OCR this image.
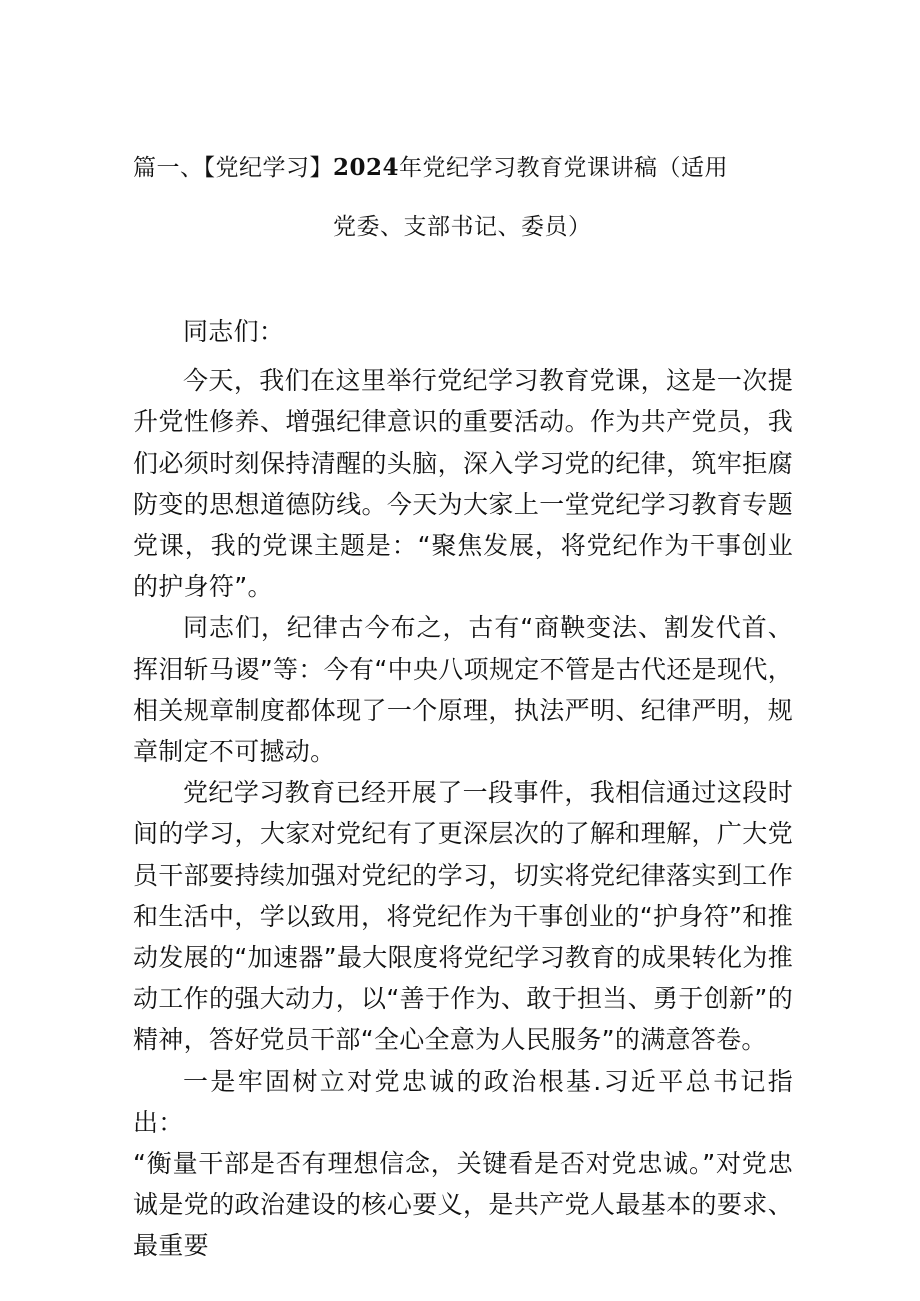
篇一、【党纪学习】2024年党纪学习教育党课讲稿（适用
党委、支部书记、委员）

同志们：

今天，我们在这里举行党纪学习教育党课，这是一次提升党性修养、增强纪律意识的重要活动。作为共产党员，我们必须时刻保持清醒的头脑，深入学习党的纪律，筑牢拒腐防变的思想道德防线。今天为大家上一堂党纪学习教育专题党课，我的党课主题是：“聚焦发展，将党纪作为干事创业的护身符”。

同志们，纪律古今布之，古有“商鞅变法、割发代首、挥泪斩马谡”等：今有“中央八项规定不管是古代还是现代，相关规章制度都体现了一个原理，执法严明、纪律严明，规章制定不可撼动。

党纪学习教育已经开展了一段事件，我相信通过这段时间的学习，大家对党纪有了更深层次的了解和理解，广大党员干部要持续加强对党纪的学习，切实将党纪律落实到工作和生活中，学以致用，将党纪作为干事创业的“护身符”和推动发展的“加速器”最大限度将党纪学习教育的成果转化为推动工作的强大动力，以“善于作为、敢于担当、勇于创新”的精神，答好党员干部“全心全意为人民服务”的满意答卷。

一是牢固树立对党忠诚的政治根基.习近平总书记指出：

“衡量干部是否有理想信念，关键看是否对党忠诚。”对党忠诚是党的政治建设的核心要义，是共产党人最基本的要求、最重要
